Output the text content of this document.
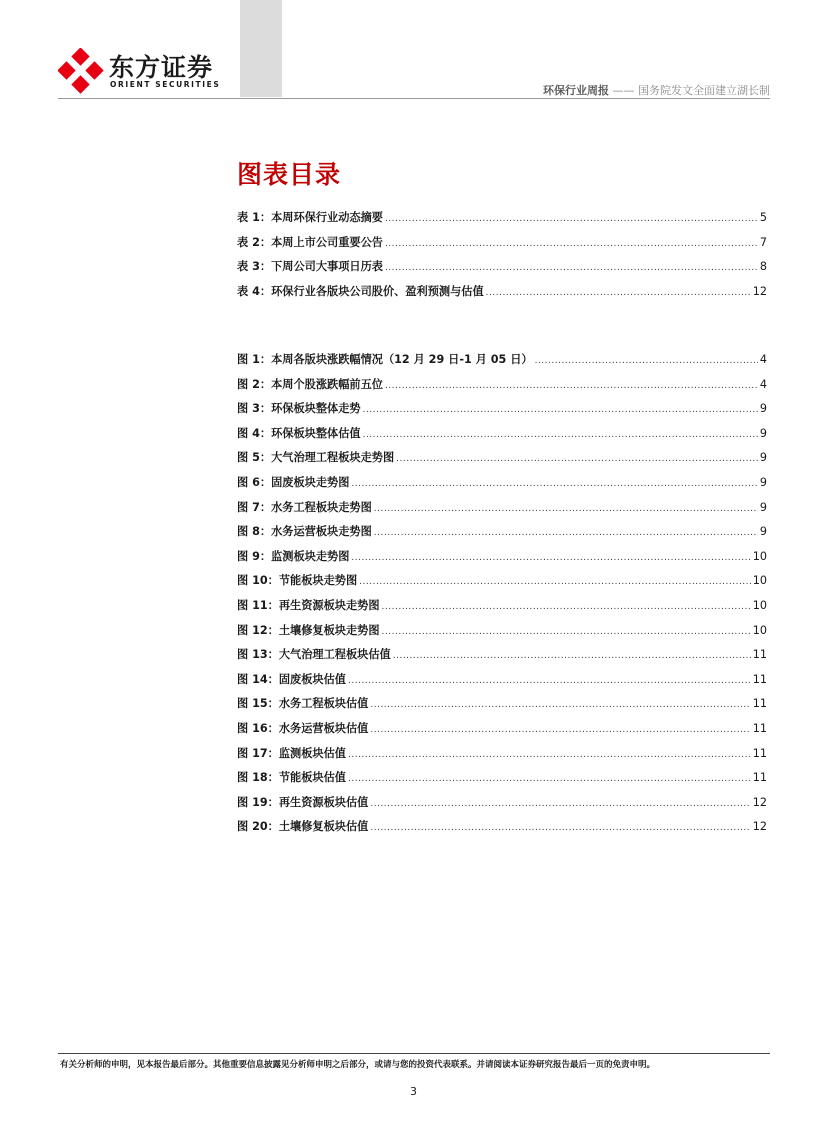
东方证券
ORIENT SECURITIES	环保行业周报 —— 国务院发文全面建立湖长制
图表目录
表 1： 本周环保行业动态摘要 .....	5
表 2： 本周上市公司重要公告 .....	7
表 3： 下周公司大事项日历表 .....	8
表 4： 环保行业各版块公司股价、盈利预测与估值 .....	12
图 1： 本周各版块涨跌幅情况（12 月 29 日-1 月 05 日） .....	4
图 2： 本周个股涨跌幅前五位 .....	4
图 3： 环保板块整体走势 .....	9
图 4： 环保板块整体估值 .....	9
图 5： 大气治理工程板块走势图 .....	9
图 6： 固废板块走势图 .....	9
图 7： 水务工程板块走势图 .....	9
图 8： 水务运营板块走势图 .....	9
图 9： 监测板块走势图 .....	10
图 10： 节能板块走势图 .....	10
图 11： 再生资源板块走势图 .....	10
图 12： 土壤修复板块走势图 .....	10
图 13： 大气治理工程板块估值 .....	11
图 14： 固废板块估值 .....	11
图 15： 水务工程板块估值 .....	11
图 16： 水务运营板块估值 .....	11
图 17： 监测板块估值 .....	11
图 18： 节能板块估值 .....	11
图 19： 再生资源板块估值 .....	12
图 20： 土壤修复板块估值 .....	12
有关分析师的申明，见本报告最后部分。其他重要信息披露见分析师申明之后部分，或请与您的投资代表联系。并请阅读本证券研究报告最后一页的免责申明。
3
